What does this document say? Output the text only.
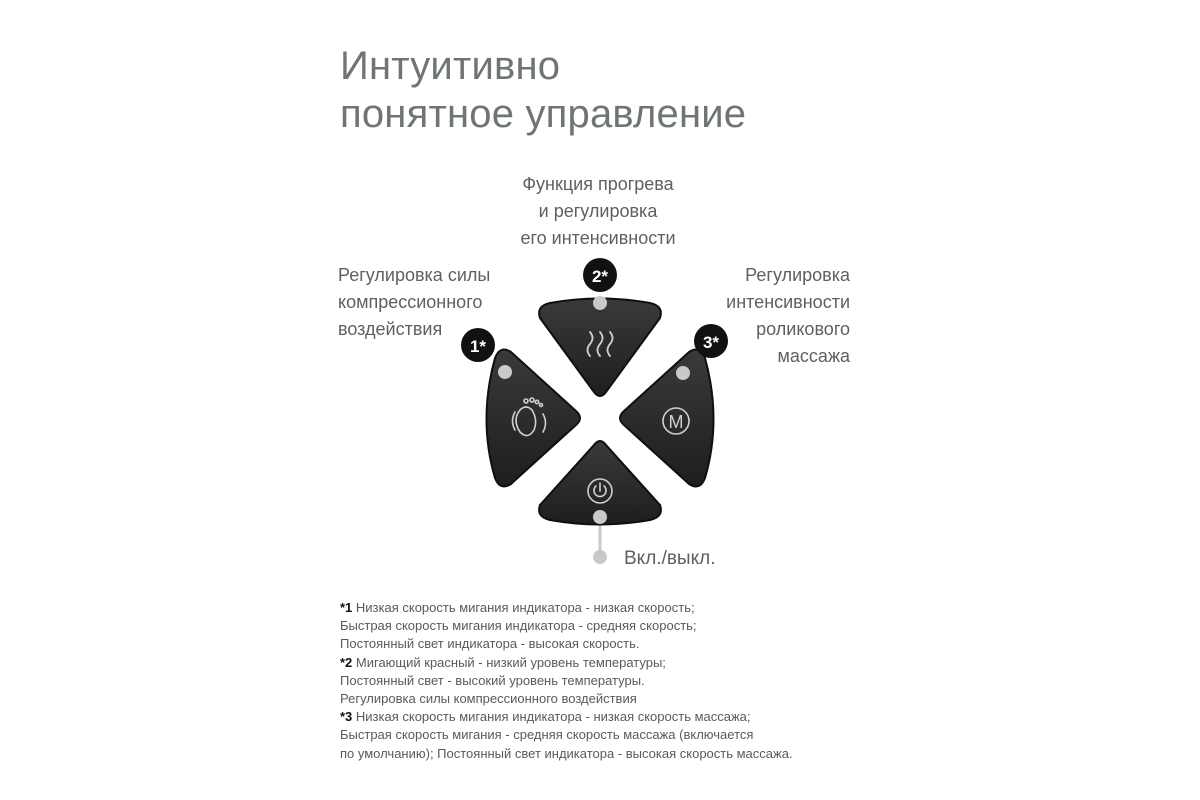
Интуитивно
понятное управление
Функция прогрева
и регулировка
его интенсивности
Регулировка силы
компрессионного
воздействия
Регулировка
интенсивности
роликового
массажа
Вкл./выкл.
M
2*
1*	3*
*1 Низкая скорость мигания индикатора - низкая скорость;
Быстрая скорость мигания индикатора - средняя скорость;
Постоянный свет индикатора - высокая скорость.
*2 Мигающий красный - низкий уровень температуры;
Постоянный свет - высокий уровень температуры.
Регулировка силы компрессионного воздействия
*3 Низкая скорость мигания индикатора - низкая скорость массажа;
Быстрая скорость мигания - средняя скорость массажа (включается
по умолчанию); Постоянный свет индикатора - высокая скорость массажа.
